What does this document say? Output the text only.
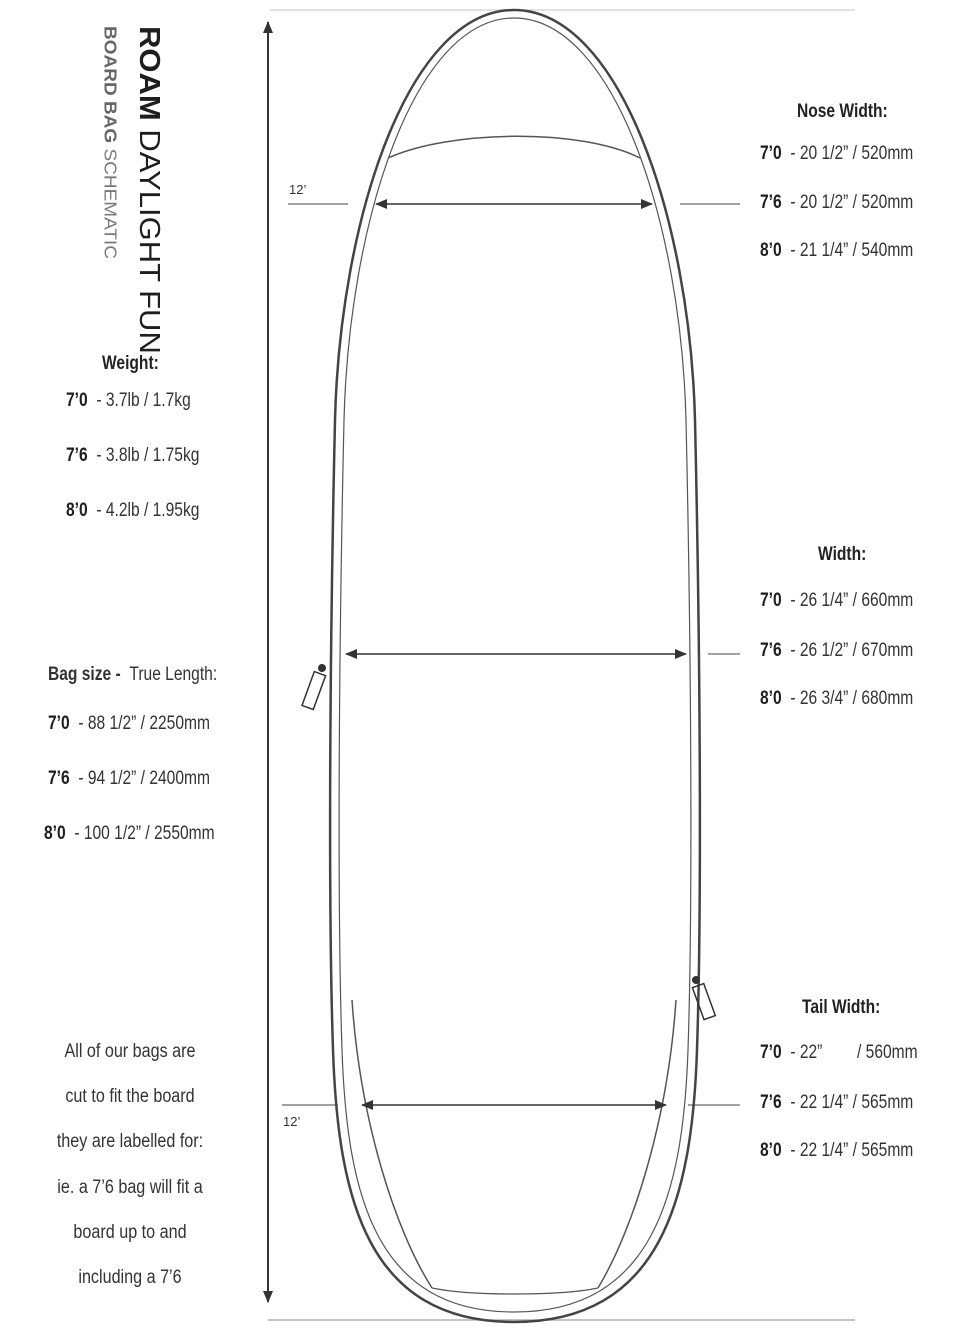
12’
12’
ROAM DAYLIGHT FUN
BOARD BAG SCHEMATIC
Weight:
7’0 - 3.7lb / 1.7kg
7’6 - 3.8lb / 1.75kg
8’0 - 4.2lb / 1.95kg
Bag size - True Length:
7’0 - 88 1/2” / 2250mm
7’6 - 94 1/2” / 2400mm
8’0 - 100 1/2” / 2550mm
All of our bags are
cut to fit the board
they are labelled for:
ie. a 7’6 bag will fit a
board up to and
including a 7’6
Nose Width:
7’0 - 20 1/2” / 520mm
7’6 - 20 1/2” / 520mm
8’0 - 21 1/4” / 540mm
Width:
7’0 - 26 1/4” / 660mm
7’6 - 26 1/2” / 670mm
8’0 - 26 3/4” / 680mm
Tail Width:
7’0 - 22”        / 560mm
7’6 - 22 1/4” / 565mm
8’0 - 22 1/4” / 565mm
